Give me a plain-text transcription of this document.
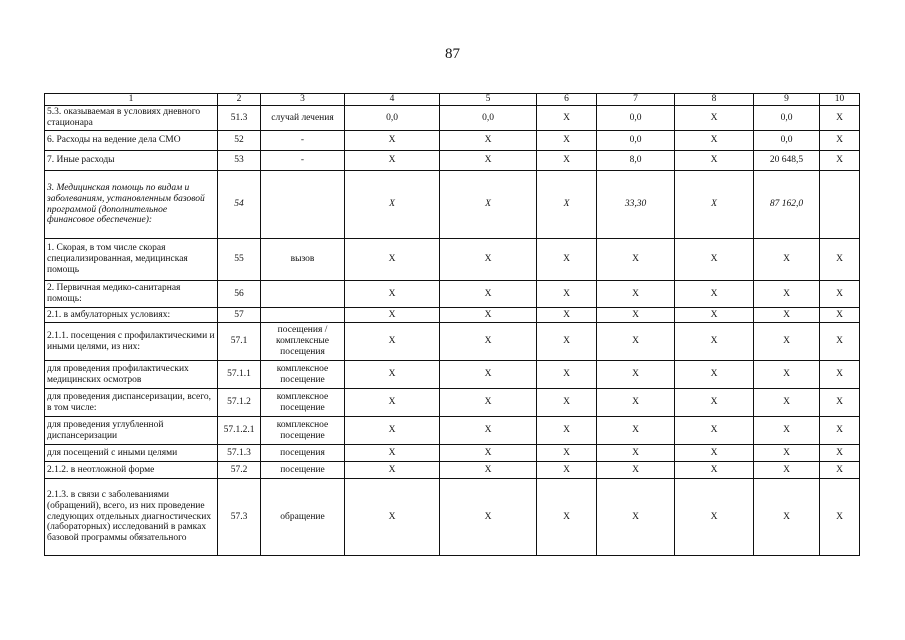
87
1	2	3	4	5	6	7	8	9	10
5.3. оказываемая в условиях дневного стационара	51.3	случай лечения	0,0	0,0	X	0,0	X	0,0	X
6. Расходы на ведение дела СМО	52	-	X	X	X	0,0	X	0,0	X
7. Иные расходы	53	-	X	X	X	8,0	X	20 648,5	X
3. Медицинская помощь по видам и заболеваниям, установленным базовой программой (дополнительное финансовое обеспечение):	54		X	X	X	33,30	X	87 162,0	
1. Скорая, в том числе скорая специализированная, медицинская помощь	55	вызов	X	X	X	X	X	X	X
2. Первичная медико-санитарная помощь:	56		X	X	X	X	X	X	X
2.1. в амбулаторных условиях:	57		X	X	X	X	X	X	X
2.1.1. посещения с профилактическими и иными целями, из них:	57.1	посещения / комплексные посещения	X	X	X	X	X	X	X
для проведения профилактических медицинских осмотров	57.1.1	комплексное посещение	X	X	X	X	X	X	X
для проведения диспансеризации, всего, в том числе:	57.1.2	комплексное посещение	X	X	X	X	X	X	X
для проведения углубленной диспансеризации	57.1.2.1	комплексное посещение	X	X	X	X	X	X	X
для посещений с иными целями	57.1.3	посещения	X	X	X	X	X	X	X
2.1.2. в неотложной форме	57.2	посещение	X	X	X	X	X	X	X
2.1.3. в связи с заболеваниями (обращений), всего, из них проведение следующих отдельных диагностических (лабораторных) исследований в рамках базовой программы обязательного	57.3	обращение	X	X	X	X	X	X	X
